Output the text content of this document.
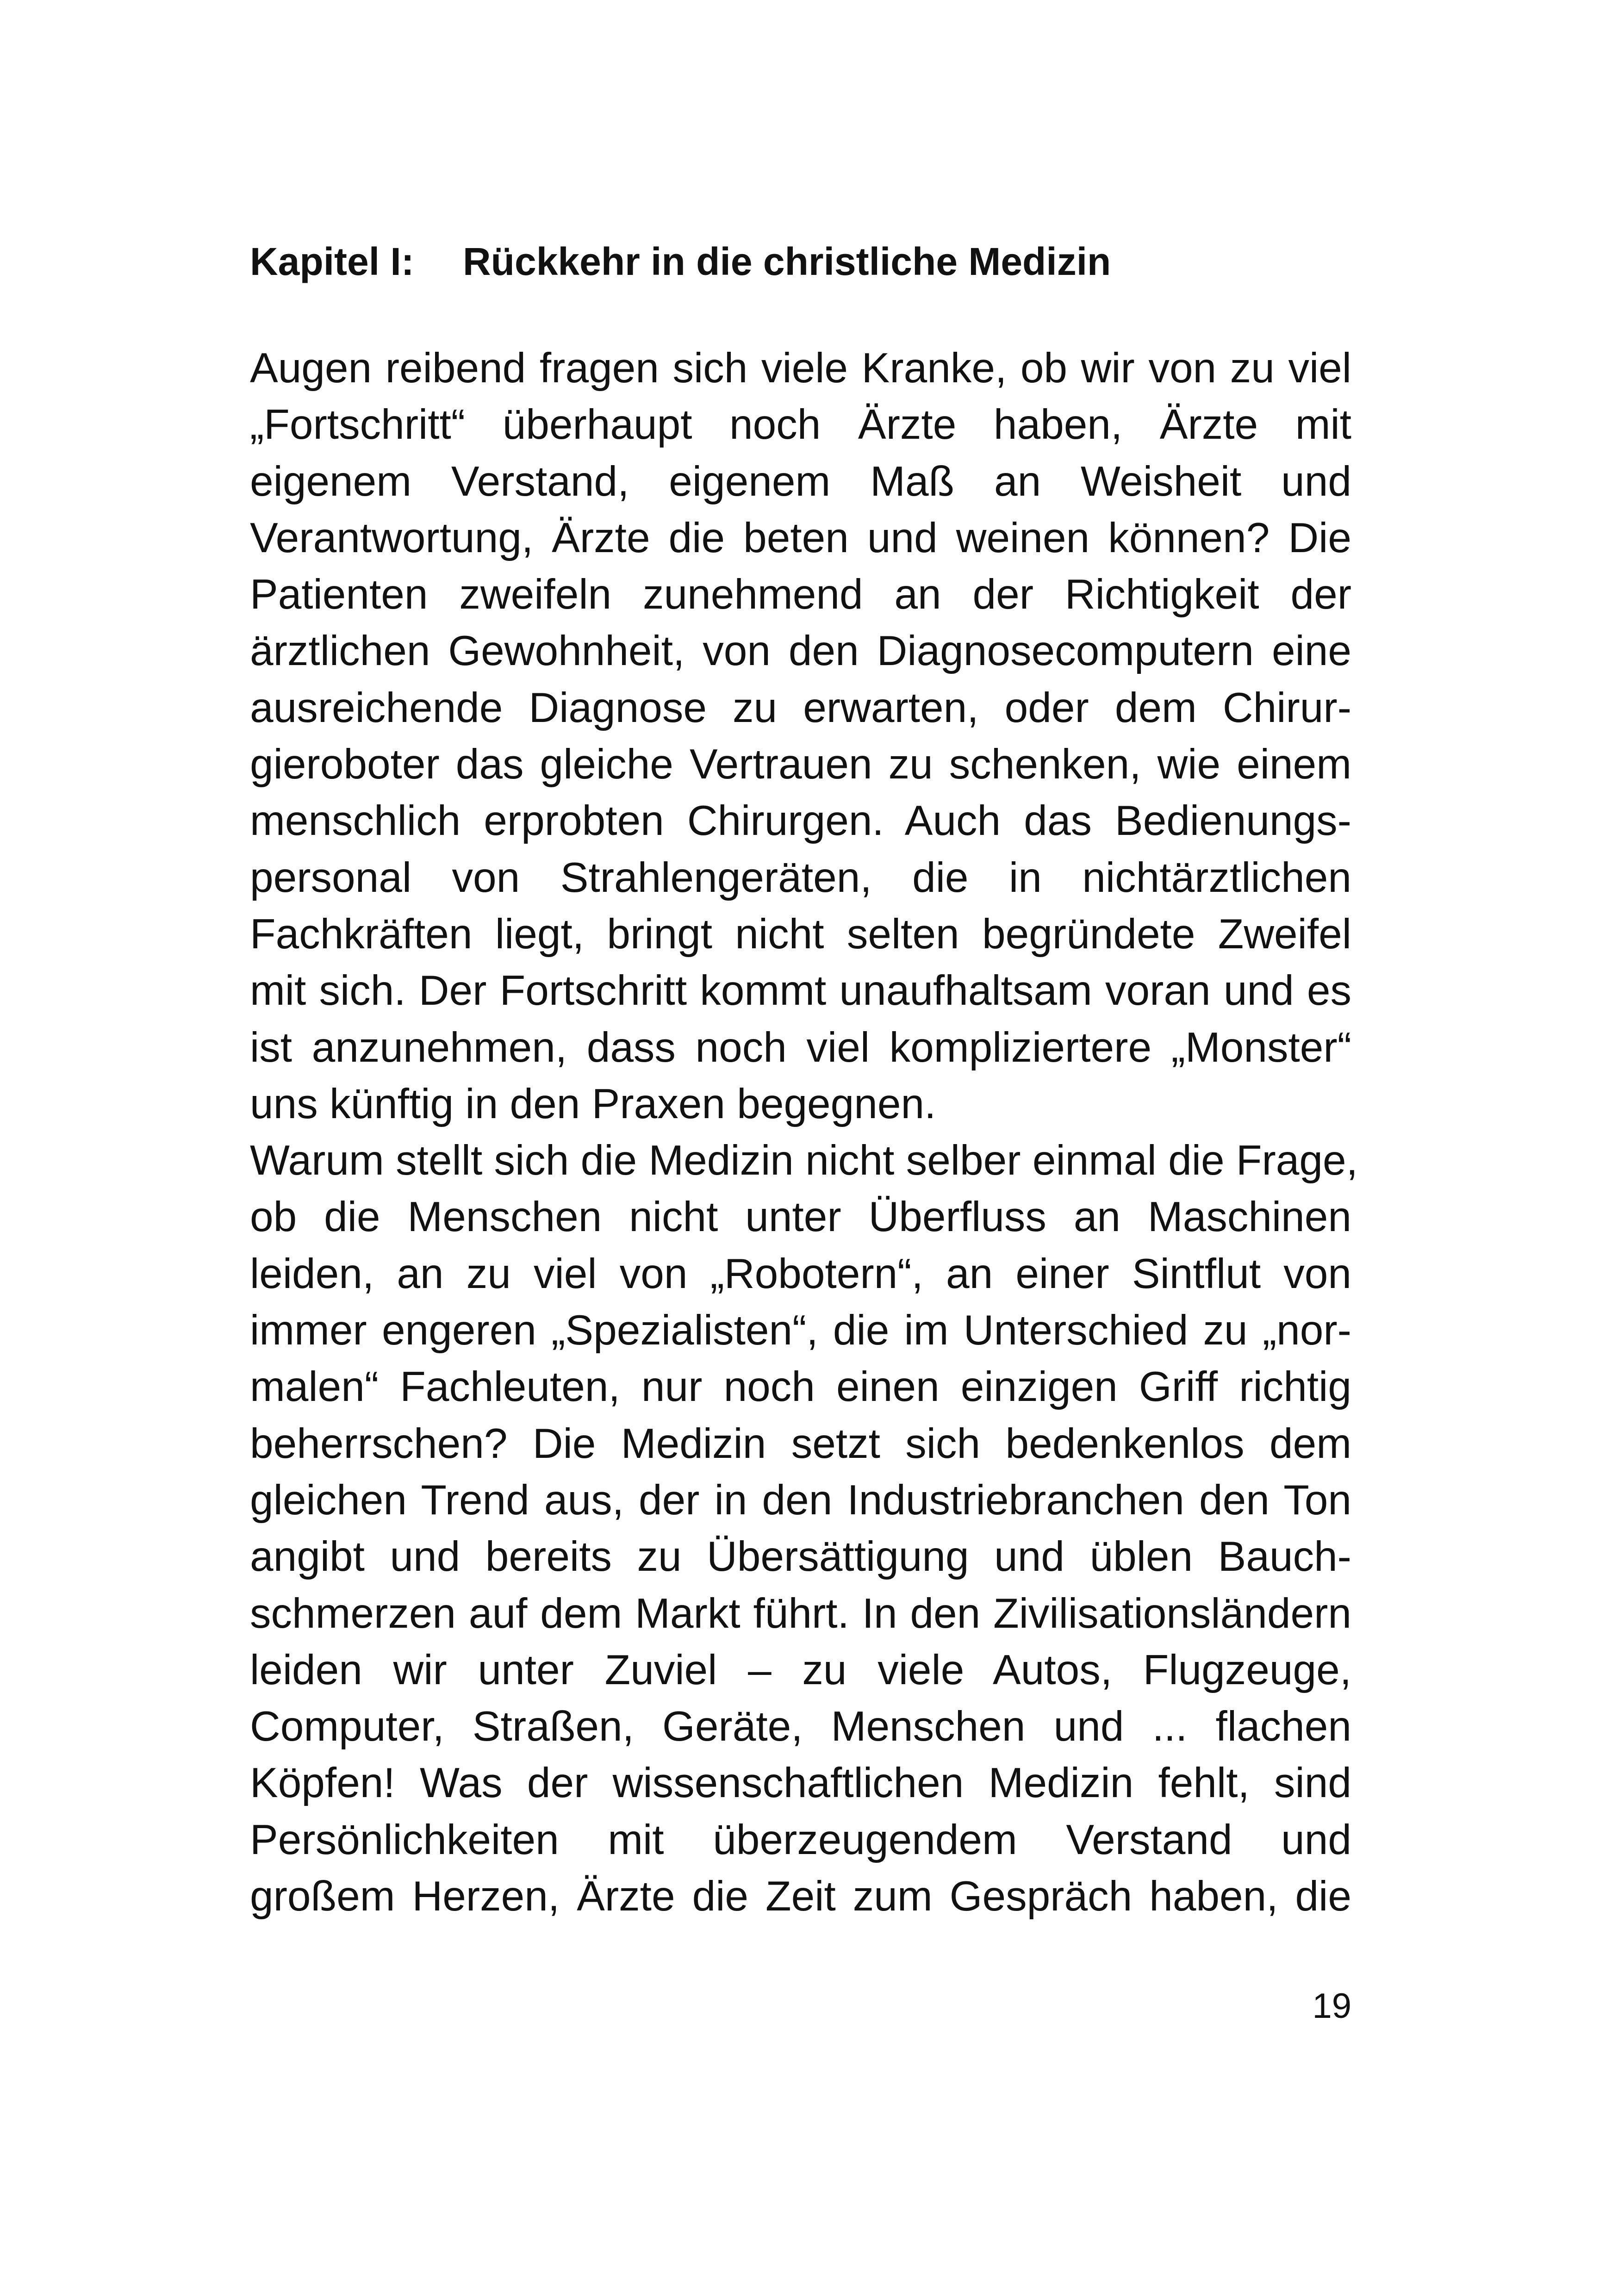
Kapitel I: Rückkehr in die christliche Medizin
Augen reibend fragen sich viele Kranke, ob wir von zu viel
„Fortschritt“ überhaupt noch Ärzte haben, Ärzte mit
eigenem Verstand, eigenem Maß an Weisheit und
Verantwortung, Ärzte die beten und weinen können? Die
Patienten zweifeln zunehmend an der Richtigkeit der
ärztlichen Gewohnheit, von den Diagnosecomputern eine
ausreichende Diagnose zu erwarten, oder dem Chirur-
gieroboter das gleiche Vertrauen zu schenken, wie einem
menschlich erprobten Chirurgen. Auch das Bedienungs-
personal von Strahlengeräten, die in nichtärztlichen
Fachkräften liegt, bringt nicht selten begründete Zweifel
mit sich. Der Fortschritt kommt unaufhaltsam voran und es
ist anzunehmen, dass noch viel kompliziertere „Monster“
uns künftig in den Praxen begegnen.
Warum stellt sich die Medizin nicht selber einmal die Frage,
ob die Menschen nicht unter Überfluss an Maschinen
leiden, an zu viel von „Robotern“, an einer Sintflut von
immer engeren „Spezialisten“, die im Unterschied zu „nor-
malen“ Fachleuten, nur noch einen einzigen Griff richtig
beherrschen? Die Medizin setzt sich bedenkenlos dem
gleichen Trend aus, der in den Industriebranchen den Ton
angibt und bereits zu Übersättigung und üblen Bauch-
schmerzen auf dem Markt führt. In den Zivilisationsländern
leiden wir unter Zuviel – zu viele Autos, Flugzeuge,
Computer, Straßen, Geräte, Menschen und ... flachen
Köpfen! Was der wissenschaftlichen Medizin fehlt, sind
Persönlichkeiten mit überzeugendem Verstand und
großem Herzen, Ärzte die Zeit zum Gespräch haben, die
19
